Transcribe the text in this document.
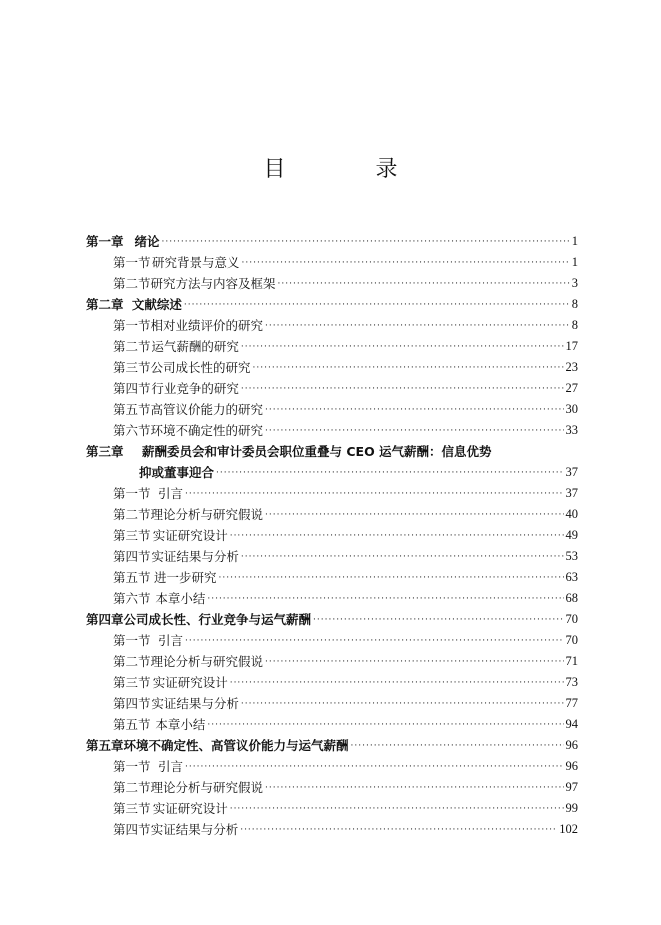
目　录
第一章 绪论 ·····	1
第一节 研究背景与意义 ·····	1
第二节 研究方法与内容及框架 ·····	3
第二章 文献综述 ·····	8
第一节 相对业绩评价的研究 ·····	8
第二节 运气薪酬的研究 ·····	17
第三节 公司成长性的研究 ·····	23
第四节 行业竞争的研究 ·····	27
第五节 高管议价能力的研究 ·····	30
第六节 环境不确定性的研究 ·····	33
第三章	薪酬委员会和审计委员会职位重叠与 CEO 运气薪酬：信息优势
抑或董事迎合 ·····	37
第一节 引言 ·····	37
第二节 理论分析与研究假说 ·····	40
第三节 实证研究设计 ·····	49
第四节 实证结果与分析 ·····	53
第五节 进一步研究 ·····	63
第六节 本章小结 ·····	68
第四章 公司成长性、行业竞争与运气薪酬 ·····	70
第一节 引言 ·····	70
第二节 理论分析与研究假说 ·····	71
第三节 实证研究设计 ·····	73
第四节 实证结果与分析 ·····	77
第五节 本章小结 ·····	94
第五章 环境不确定性、高管议价能力与运气薪酬 ·····	96
第一节 引言 ·····	96
第二节 理论分析与研究假说 ·····	97
第三节 实证研究设计 ·····	99
第四节 实证结果与分析 ·····	102
